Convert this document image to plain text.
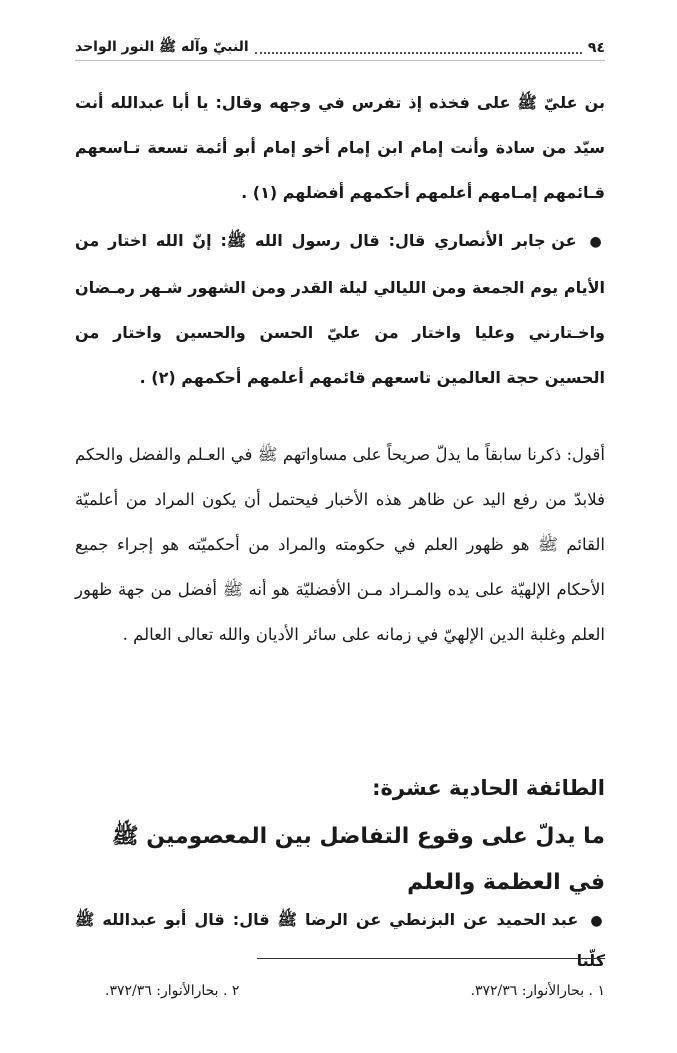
٩٤
النبيّ وآله ﷺ النور الواحد

بن عليّ ﷺ على فخذه إذ تفرس في وجهه وقال: يا أبا عبدالله أنت سيّد من سادة وأنت إمام ابن إمام أخو إمام أبو أئمة تسعة تـاسعهم قـائمهم إمـامهم أعلمهم أحكمهم أفضلهم (١) .

● عن جابر الأنصاري قال: قال رسول الله ﷺ: إنّ الله اختار من الأيام يوم الجمعة ومن الليالي ليلة القدر ومن الشهور شـهر رمـضان واخـتارني وعليا واختار من عليّ الحسن والحسين واختار من الحسين حجة العالمين تاسعهم قائمهم أعلمهم أحكمهم (٢) .

أقول: ذكرنا سابقاً ما يدلّ صريحاً على مساواتهم ﷺ في العـلم والفضل والحكم فلابدّ من رفع اليد عن ظاهر هذه الأخبار فيحتمل أن يكون المراد من أعلميّة القائم ﷺ هو ظهور العلم في حكومته والمراد من أحكميّته هو إجراء جميع الأحكام الإلهيّة على يده والمـراد مـن الأفضليّة هو أنه ﷺ أفضل من جهة ظهور العلم وغلبة الدين الإلهيّ في زمانه على سائر الأديان والله تعالى العالم .

الطائفة الحادية عشرة:
ما يدلّ على وقوع التفاضل بين المعصومين ﷺ في العظمة والعلم

● عبد الحميد عن البزنطي عن الرضا ﷺ قال: قال أبو عبدالله ﷺ كلّنا

١ . بحارالأنوار: ٣٧٢/٣٦.
٢ . بحارالأنوار: ٣٧٢/٣٦.
